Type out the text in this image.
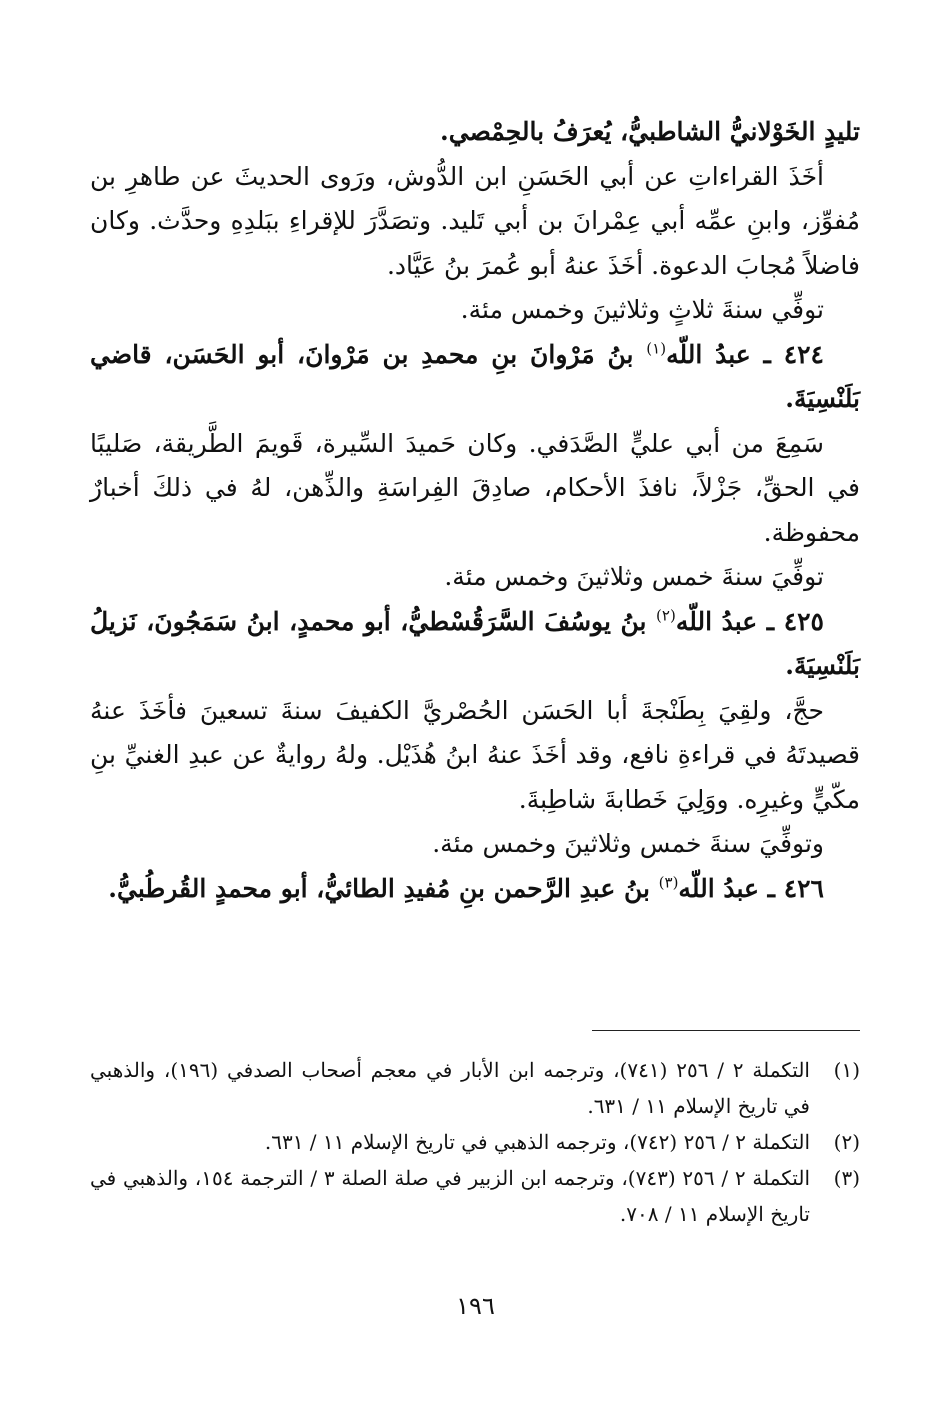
تليدٍ الخَوْلانيُّ الشاطبيُّ، يُعرَفُ بالحِمْصي.

أخَذَ القراءاتِ عن أبي الحَسَنِ ابن الدُّوش، ورَوى الحديثَ عن طاهرِ بن مُفوِّز، وابنِ عمِّه أبي عِمْرانَ بن أبي تَليد. وتصَدَّرَ للإقراءِ ببَلدِهِ وحدَّث. وكان فاضلاً مُجابَ الدعوة. أخَذَ عنهُ أبو عُمرَ بنُ عَيَّاد.

توفِّي سنةَ ثلاثٍ وثلاثينَ وخمس مئة.

٤٢٤ ـ عبدُ اللّه$^{(١)}$ بنُ مَرْوانَ بنِ محمدِ بن مَرْوانَ، أبو الحَسَن، قاضي بَلَنْسِيَةَ.

سَمِعَ من أبي عليٍّ الصَّدَفي. وكان حَميدَ السِّيرة، قَويمَ الطَّريقة، صَليبًا في الحقِّ، جَزْلاً، نافذَ الأحكام، صادِقَ الفِراسَةِ والذِّهن، لهُ في ذلكَ أخبارٌ محفوظة.

توفِّيَ سنةَ خمس وثلاثينَ وخمس مئة.

٤٢٥ ـ عبدُ اللّه$^{(٢)}$ بنُ يوسُفَ السَّرَقُسْطيُّ، أبو محمدٍ، ابنُ سَمَجُونَ، نَزيلُ بَلَنْسِيَةَ.

حجَّ، ولقِيَ بِطَنْجةَ أبا الحَسَن الحُصْريَّ الكفيفَ سنةَ تسعينَ فأخَذَ عنهُ قصيدتَهُ في قراءةِ نافع، وقد أخَذَ عنهُ ابنُ هُذَيْل. ولهُ روايةٌ عن عبدِ الغنيِّ بنِ مكّيٍّ وغيرِه. ووَلِيَ خَطابةَ شاطِبةَ.

وتوفِّيَ سنةَ خمس وثلاثينَ وخمس مئة.

٤٢٦ ـ عبدُ اللّه$^{(٣)}$ بنُ عبدِ الرَّحمن بنِ مُفيدِ الطائيُّ، أبو محمدٍ القُرطُبيُّ.

(١)
التكملة ٢ / ٢٥٦ (٧٤١)، وترجمه ابن الأبار في معجم أصحاب الصدفي (١٩٦)، والذهبي في تاريخ الإسلام ١١ / ٦٣١.
(٢)
التكملة ٢ / ٢٥٦ (٧٤٢)، وترجمه الذهبي في تاريخ الإسلام ١١ / ٦٣١.
(٣)
التكملة ٢ / ٢٥٦ (٧٤٣)، وترجمه ابن الزبير في صلة الصلة ٣ / الترجمة ١٥٤، والذهبي في تاريخ الإسلام ١١ / ٧٠٨.
١٩٦
